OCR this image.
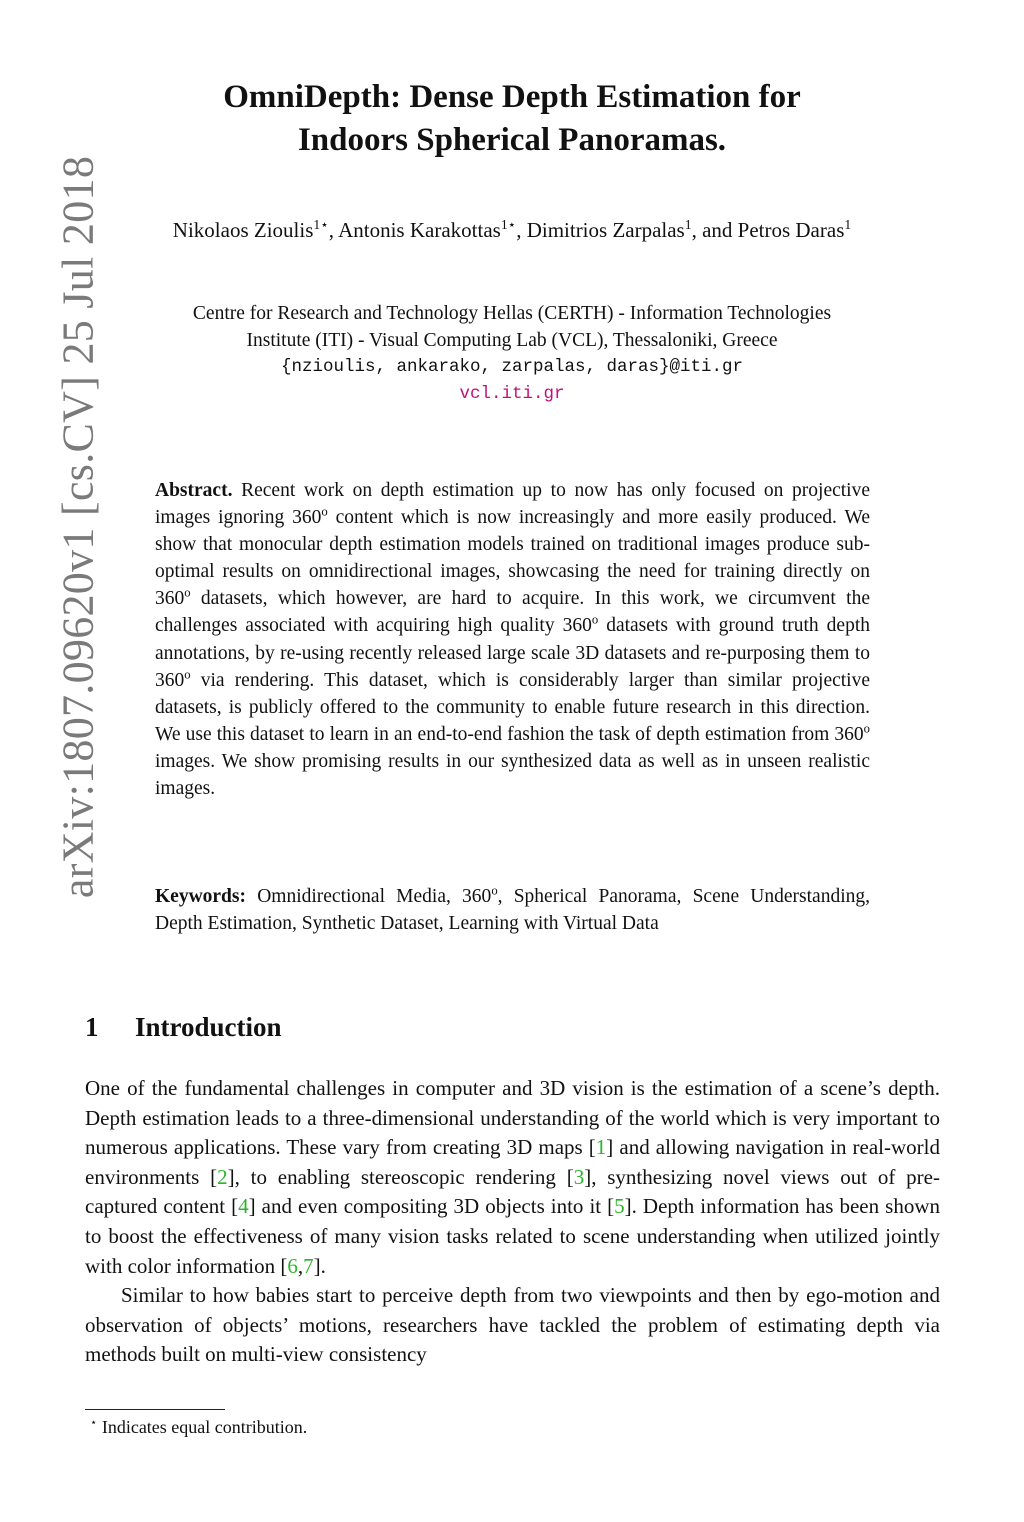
arXiv:1807.09620v1 [cs.CV] 25 Jul 2018
OmniDepth: Dense Depth Estimation for
Indoors Spherical Panoramas.
Nikolaos Zioulis$^{1⋆}$, Antonis Karakottas$^{1⋆}$, Dimitrios Zarpalas$^1$, and Petros Daras$^1$
Centre for Research and Technology Hellas (CERTH) - Information Technologies
Institute (ITI) - Visual Computing Lab (VCL), Thessaloniki, Greece
{nzioulis, ankarako, zarpalas, daras}@iti.gr
vcl.iti.gr
Abstract. Recent work on depth estimation up to now has only focused on projective images ignoring 360$^o$ content which is now increasingly and more easily produced. We show that monocular depth estimation models trained on traditional images produce sub-optimal results on omnidirectional images, showcasing the need for training directly on 360$^o$ datasets, which however, are hard to acquire. In this work, we circumvent the challenges associated with acquiring high quality 360$^o$ datasets with ground truth depth annotations, by re-using recently released large scale 3D datasets and re-purposing them to 360$^o$ via rendering. This dataset, which is considerably larger than similar projective datasets, is publicly offered to the community to enable future research in this direction. We use this dataset to learn in an end-to-end fashion the task of depth estimation from 360$^o$ images. We show promising results in our synthesized data as well as in unseen realistic images.
Keywords: Omnidirectional Media, 360$^o$, Spherical Panorama, Scene Understanding, Depth Estimation, Synthetic Dataset, Learning with Virtual Data
1 Introduction

One of the fundamental challenges in computer and 3D vision is the estimation of a scene’s depth. Depth estimation leads to a three-dimensional understanding of the world which is very important to numerous applications. These vary from creating 3D maps [1] and allowing navigation in real-world environments [2], to enabling stereoscopic rendering [3], synthesizing novel views out of pre-captured content [4] and even compositing 3D objects into it [5]. Depth information has been shown to boost the effectiveness of many vision tasks related to scene understanding when utilized jointly with color information [6,7].

Similar to how babies start to perceive depth from two viewpoints and then by ego-motion and observation of objects’ motions, researchers have tackled the problem of estimating depth via methods built on multi-view consistency

⋆ Indicates equal contribution.
